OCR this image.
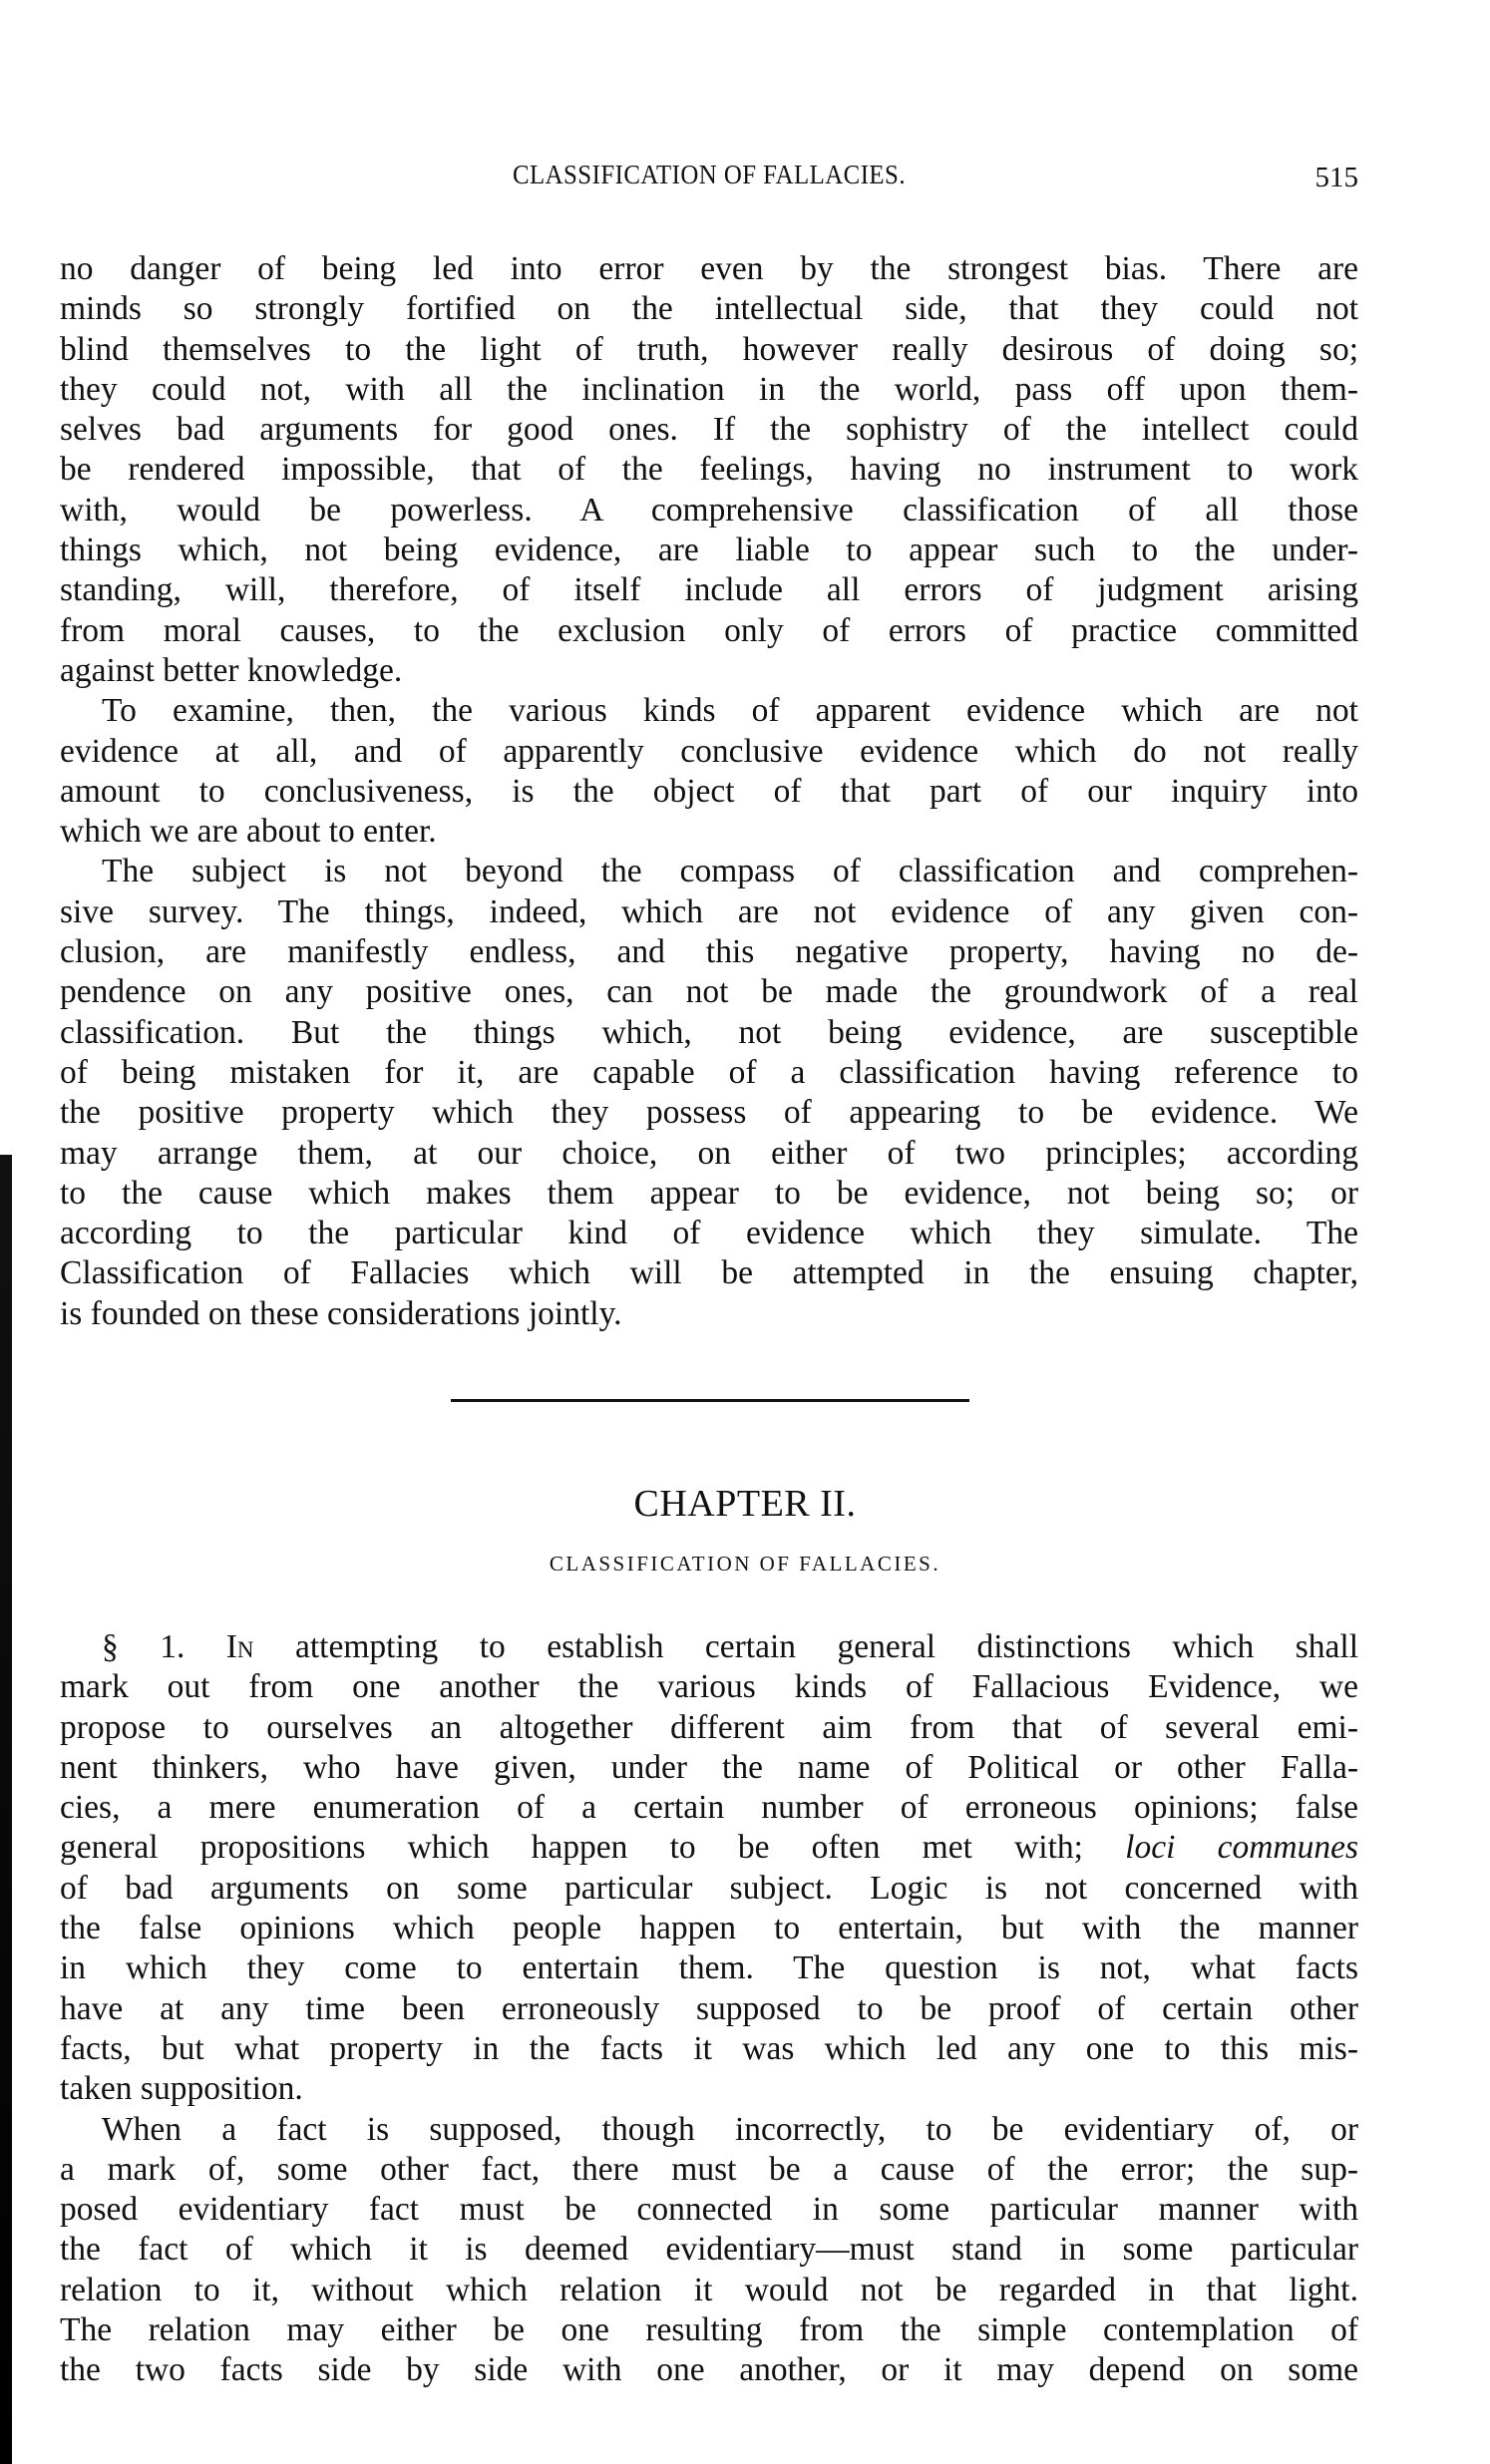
CLASSIFICATION OF FALLACIES.	515
no danger of being led into error even by the strongest bias. There are
minds so strongly fortified on the intellectual side, that they could not
blind themselves to the light of truth, however really desirous of doing so;
they could not, with all the inclination in the world, pass off upon them-
selves bad arguments for good ones. If the sophistry of the intellect could
be rendered impossible, that of the feelings, having no instrument to work
with, would be powerless. A comprehensive classification of all those
things which, not being evidence, are liable to appear such to the under-
standing, will, therefore, of itself include all errors of judgment arising
from moral causes, to the exclusion only of errors of practice committed
against better knowledge.
To examine, then, the various kinds of apparent evidence which are not
evidence at all, and of apparently conclusive evidence which do not really
amount to conclusiveness, is the object of that part of our inquiry into
which we are about to enter.
The subject is not beyond the compass of classification and comprehen-
sive survey. The things, indeed, which are not evidence of any given con-
clusion, are manifestly endless, and this negative property, having no de-
pendence on any positive ones, can not be made the groundwork of a real
classification. But the things which, not being evidence, are susceptible
of being mistaken for it, are capable of a classification having reference to
the positive property which they possess of appearing to be evidence. We
may arrange them, at our choice, on either of two principles; according
to the cause which makes them appear to be evidence, not being so; or
according to the particular kind of evidence which they simulate. The
Classification of Fallacies which will be attempted in the ensuing chapter,
is founded on these considerations jointly.
CHAPTER II.
CLASSIFICATION OF FALLACIES.
§ 1. In attempting to establish certain general distinctions which shall
mark out from one another the various kinds of Fallacious Evidence, we
propose to ourselves an altogether different aim from that of several emi-
nent thinkers, who have given, under the name of Political or other Falla-
cies, a mere enumeration of a certain number of erroneous opinions; false
general propositions which happen to be often met with; loci communes
of bad arguments on some particular subject. Logic is not concerned with
the false opinions which people happen to entertain, but with the manner
in which they come to entertain them. The question is not, what facts
have at any time been erroneously supposed to be proof of certain other
facts, but what property in the facts it was which led any one to this mis-
taken supposition.
When a fact is supposed, though incorrectly, to be evidentiary of, or
a mark of, some other fact, there must be a cause of the error; the sup-
posed evidentiary fact must be connected in some particular manner with
the fact of which it is deemed evidentiary—must stand in some particular
relation to it, without which relation it would not be regarded in that light.
The relation may either be one resulting from the simple contemplation of
the two facts side by side with one another, or it may depend on some
